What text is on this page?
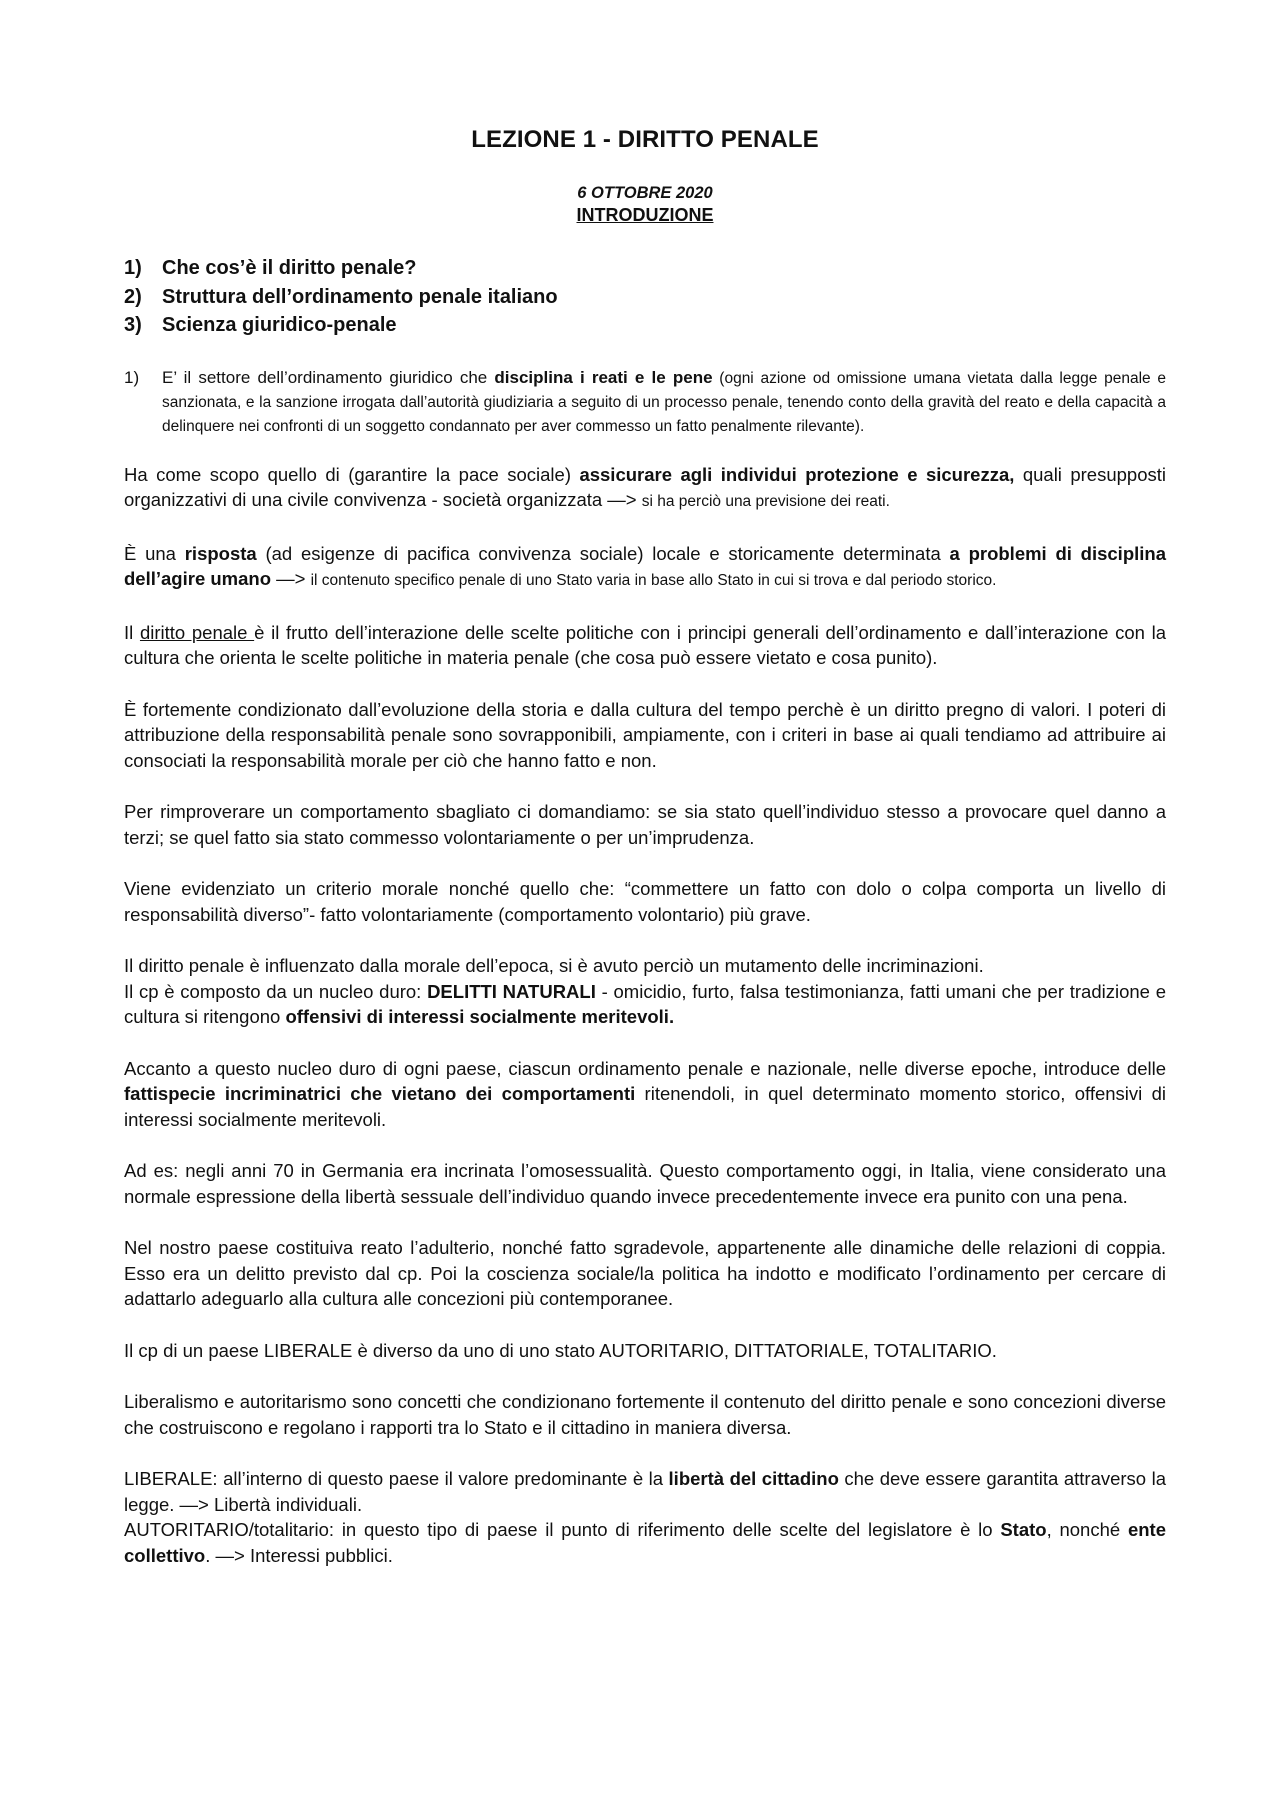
LEZIONE 1 - DIRITTO PENALE
6 OTTOBRE 2020
INTRODUZIONE
1)	Che cos’è il diritto penale?
2)	Struttura dell’ordinamento penale italiano
3)	Scienza giuridico-penale
1)	E’ il settore dell’ordinamento giuridico che disciplina i reati e le pene (ogni azione od omissione umana vietata dalla legge penale e sanzionata, e la sanzione irrogata dall’autorità giudiziaria a seguito di un processo penale, tenendo conto della gravità del reato e della capacità a delinquere nei confronti di un soggetto condannato per aver commesso un fatto penalmente rilevante).

Ha come scopo quello di (garantire la pace sociale) assicurare agli individui protezione e sicurezza, quali presupposti organizzativi di una civile convivenza - società organizzata —> si ha perciò una previsione dei reati.

È una risposta (ad esigenze di pacifica convivenza sociale) locale e storicamente determinata a problemi di disciplina dell’agire umano —> il contenuto specifico penale di uno Stato varia in base allo Stato in cui si trova e dal periodo storico.

Il diritto penale è il frutto dell’interazione delle scelte politiche con i principi generali dell’ordinamento e dall’interazione con la cultura che orienta le scelte politiche in materia penale (che cosa può essere vietato e cosa punito).

È fortemente condizionato dall’evoluzione della storia e dalla cultura del tempo perchè è un diritto pregno di valori. I poteri di attribuzione della responsabilità penale sono sovrapponibili, ampiamente, con i criteri in base ai quali tendiamo ad attribuire ai consociati la responsabilità morale per ciò che hanno fatto e non.

Per rimproverare un comportamento sbagliato ci domandiamo: se sia stato quell’individuo stesso a provocare quel danno a terzi; se quel fatto sia stato commesso volontariamente o per un’imprudenza.

Viene evidenziato un criterio morale nonché quello che: “commettere un fatto con dolo o colpa comporta un livello di responsabilità diverso”- fatto volontariamente (comportamento volontario) più grave.

Il diritto penale è influenzato dalla morale dell’epoca, si è avuto perciò un mutamento delle incriminazioni.
Il cp è composto da un nucleo duro: DELITTI NATURALI - omicidio, furto, falsa testimonianza, fatti umani che per tradizione e cultura si ritengono offensivi di interessi socialmente meritevoli.

Accanto a questo nucleo duro di ogni paese, ciascun ordinamento penale e nazionale, nelle diverse epoche, introduce delle fattispecie incriminatrici che vietano dei comportamenti ritenendoli, in quel determinato momento storico, offensivi di interessi socialmente meritevoli.

Ad es: negli anni 70 in Germania era incrinata l’omosessualità. Questo comportamento oggi, in Italia, viene considerato una normale espressione della libertà sessuale dell’individuo quando invece precedentemente invece era punito con una pena.

Nel nostro paese costituiva reato l’adulterio, nonché fatto sgradevole, appartenente alle dinamiche delle relazioni di coppia. Esso era un delitto previsto dal cp. Poi la coscienza sociale/la politica ha indotto e modificato l’ordinamento per cercare di adattarlo adeguarlo alla cultura alle concezioni più contemporanee.

Il cp di un paese LIBERALE è diverso da uno di uno stato AUTORITARIO, DITTATORIALE, TOTALITARIO.

Liberalismo e autoritarismo sono concetti che condizionano fortemente il contenuto del diritto penale e sono concezioni diverse che costruiscono e regolano i rapporti tra lo Stato e il cittadino in maniera diversa.

LIBERALE: all’interno di questo paese il valore predominante è la libertà del cittadino che deve essere garantita attraverso la legge. —> Libertà individuali.

AUTORITARIO/totalitario: in questo tipo di paese il punto di riferimento delle scelte del legislatore è lo Stato, nonché ente collettivo. —> Interessi pubblici.
